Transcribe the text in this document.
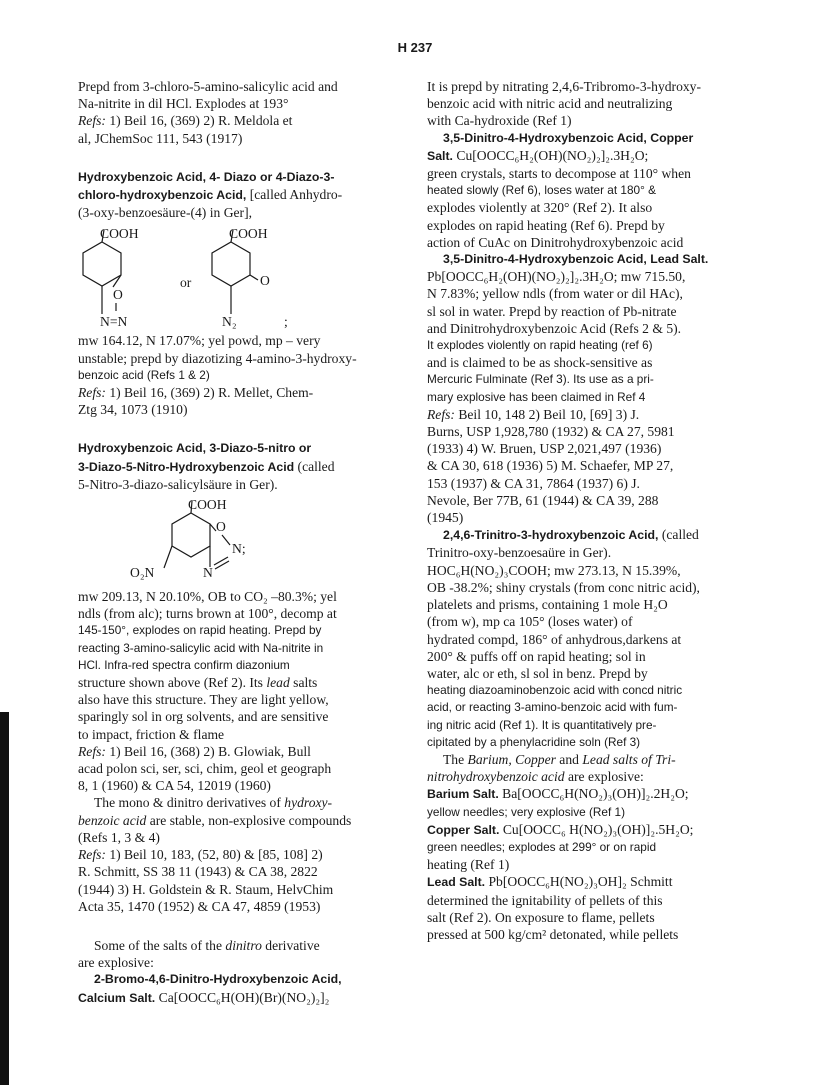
H 237

Prepd from 3-chloro-5-amino-salicylic acid and

Na-nitrite in dil HCl. Explodes at 193°

Refs: 1) Beil 16, (369) 2) R. Meldola et

al, JChemSoc 111, 543 (1917)

Hydroxybenzoic Acid, 4- Diazo or 4-Diazo-3-

chloro-hydroxybenzoic Acid, [called Anhydro-

(3-oxy-benzoesäure-(4) in Ger],

COOH
O
N=N
or
COOH
O
N₂	;

mw 164.12, N 17.07%; yel powd, mp – very

unstable; prepd by diazotizing 4-amino-3-hydroxy-

benzoic acid (Refs 1 & 2)

Refs: 1) Beil 16, (369) 2) R. Mellet, Chem-

Ztg 34, 1073 (1910)

Hydroxybenzoic Acid, 3-Diazo-5-nitro or

3-Diazo-5-Nitro-Hydroxybenzoic Acid (called

5-Nitro-3-diazo-salicylsäure in Ger).

COOH
O
N;
N
O₂N

mw 209.13, N 20.10%, OB to CO₂ –80.3%; yel

ndls (from alc); turns brown at 100°, decomp at

145-150°, explodes on rapid heating. Prepd by

reacting 3-amino-salicylic acid with Na-nitrite in

HCl. Infra-red spectra confirm diazonium

structure shown above (Ref 2). Its lead salts

also have this structure. They are light yellow,

sparingly sol in org solvents, and are sensitive

to impact, friction & flame

Refs: 1) Beil 16, (368) 2) B. Glowiak, Bull

acad polon sci, ser, sci, chim, geol et geograph

8, 1 (1960) & CA 54, 12019 (1960)

The mono & dinitro derivatives of hydroxy-

benzoic acid are stable, non-explosive compounds

(Refs 1, 3 & 4)

Refs: 1) Beil 10, 183, (52, 80) & [85, 108] 2)

R. Schmitt, SS 38 11 (1943) & CA 38, 2822

(1944) 3) H. Goldstein & R. Staum, HelvChim

Acta 35, 1470 (1952) & CA 47, 4859 (1953)

Some of the salts of the dinitro derivative

are explosive:

2-Bromo-4,6-Dinitro-Hydroxybenzoic Acid,

Calcium Salt. Ca[OOCC₆H(OH)(Br)(NO₂)₂]₂

It is prepd by nitrating 2,4,6-Tribromo-3-hydroxy-

benzoic acid with nitric acid and neutralizing

with Ca-hydroxide (Ref 1)

3,5-Dinitro-4-Hydroxybenzoic Acid, Copper

Salt. Cu[OOCC₆H₂(OH)(NO₂)₂]₂.3H₂O;

green crystals, starts to decompose at 110° when

heated slowly (Ref 6), loses water at 180° &

explodes violently at 320° (Ref 2). It also

explodes on rapid heating (Ref 6). Prepd by

action of CuAc on Dinitrohydroxybenzoic acid

3,5-Dinitro-4-Hydroxybenzoic Acid, Lead Salt.

Pb[OOCC₆H₂(OH)(NO₂)₂]₂.3H₂O; mw 715.50,

N 7.83%; yellow ndls (from water or dil HAc),

sl sol in water. Prepd by reaction of Pb-nitrate

and Dinitrohydroxybenzoic Acid (Refs 2 & 5).

It explodes violently on rapid heating (ref 6)

and is claimed to be as shock-sensitive as

Mercuric Fulminate (Ref 3). Its use as a pri-

mary explosive has been claimed in Ref 4

Refs: Beil 10, 148 2) Beil 10, [69] 3) J.

Burns, USP 1,928,780 (1932) & CA 27, 5981

(1933) 4) W. Bruen, USP 2,021,497 (1936)

& CA 30, 618 (1936) 5) M. Schaefer, MP 27,

153 (1937) & CA 31, 7864 (1937) 6) J.

Nevole, Ber 77B, 61 (1944) & CA 39, 288

(1945)

2,4,6-Trinitro-3-hydroxybenzoic Acid, (called

Trinitro-oxy-benzoesaüre in Ger).

HOC₆H(NO₂)₃COOH; mw 273.13, N 15.39%,

OB -38.2%; shiny crystals (from conc nitric acid),

platelets and prisms, containing 1 mole H₂O

(from w), mp ca 105° (loses water) of

hydrated compd, 186° of anhydrous,darkens at

200° & puffs off on rapid heating; sol in

water, alc or eth, sl sol in benz. Prepd by

heating diazoaminobenzoic acid with concd nitric

acid, or reacting 3-amino-benzoic acid with fum-

ing nitric acid (Ref 1). It is quantitatively pre-

cipitated by a phenylacridine soln (Ref 3)

The Barium, Copper and Lead salts of Tri-

nitrohydroxybenzoic acid are explosive:

Barium Salt. Ba[OOCC₆H(NO₂)₃(OH)]₂.2H₂O;

yellow needles; very explosive (Ref 1)

Copper Salt. Cu[OOCC₆ H(NO₂)₃(OH)]₂.5H₂O;

green needles; explodes at 299° or on rapid

heating (Ref 1)

Lead Salt. Pb[OOCC₆H(NO₂)₃OH]₂ Schmitt

determined the ignitability of pellets of this

salt (Ref 2). On exposure to flame, pellets

pressed at 500 kg/cm² detonated, while pellets
